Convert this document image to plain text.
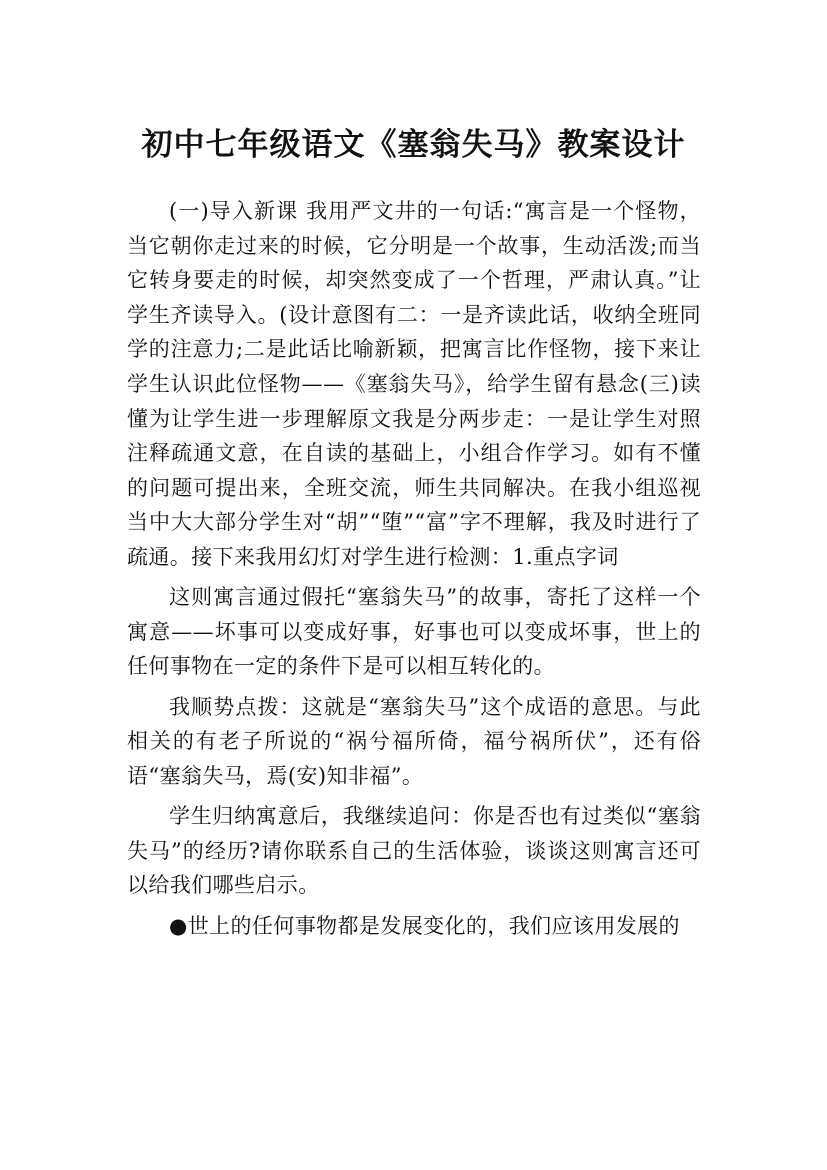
初中七年级语文《塞翁失马》教案设计

(一)导入新课 我用严文井的一句话:“寓言是一个怪物，当它朝你走过来的时候，它分明是一个故事，生动活泼;而当它转身要走的时候，却突然变成了一个哲理，严肃认真。”让学生齐读导入。(设计意图有二：一是齐读此话，收纳全班同学的注意力;二是此话比喻新颖，把寓言比作怪物，接下来让学生认识此位怪物——《塞翁失马》，给学生留有悬念(三)读懂为让学生进一步理解原文我是分两步走：一是让学生对照注释疏通文意，在自读的基础上，小组合作学习。如有不懂的问题可提出来，全班交流，师生共同解决。在我小组巡视当中大大部分学生对“胡”“堕”“富”字不理解，我及时进行了疏通。接下来我用幻灯对学生进行检测：1.重点字词

这则寓言通过假托“塞翁失马”的故事，寄托了这样一个寓意——坏事可以变成好事，好事也可以变成坏事，世上的任何事物在一定的条件下是可以相互转化的。

我顺势点拨：这就是“塞翁失马”这个成语的意思。与此相关的有老子所说的“祸兮福所倚，福兮祸所伏”，还有俗语“塞翁失马，焉(安)知非福”。

学生归纳寓意后，我继续追问：你是否也有过类似“塞翁失马”的经历?请你联系自己的生活体验，谈谈这则寓言还可以给我们哪些启示。

●世上的任何事物都是发展变化的，我们应该用发展的
